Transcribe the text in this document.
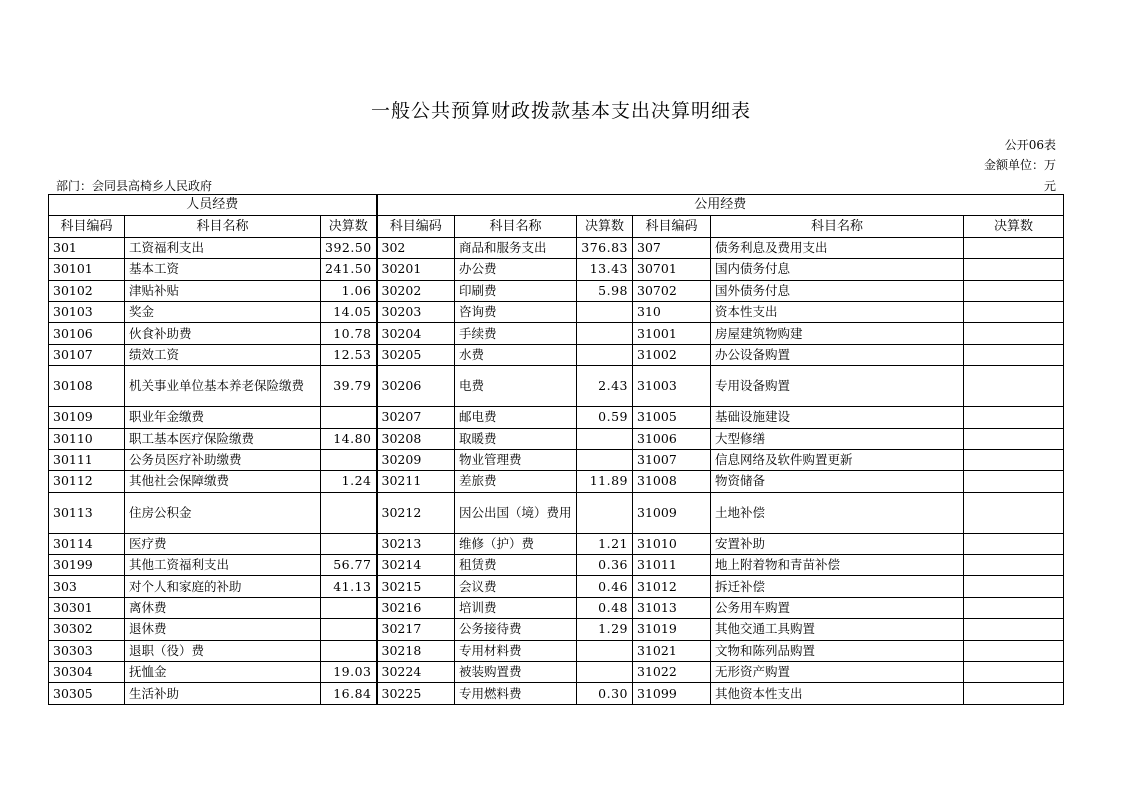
一般公共预算财政拨款基本支出决算明细表
公开06表
金额单位：万
元
部门：会同县高椅乡人民政府
人员经费			公用经费					
科目编码	科目名称	决算数	科目编码	科目名称	决算数	科目编码	科目名称	决算数
301	工资福利支出	392.50	302	商品和服务支出	376.83	307	债务利息及费用支出	
30101	基本工资	241.50	30201	办公费	13.43	30701	国内债务付息	
30102	津贴补贴	1.06	30202	印刷费	5.98	30702	国外债务付息	
30103	奖金	14.05	30203	咨询费		310	资本性支出	
30106	伙食补助费	10.78	30204	手续费		31001	房屋建筑物购建	
30107	绩效工资	12.53	30205	水费		31002	办公设备购置	
30108	机关事业单位基本养老保险缴费	39.79	30206	电费	2.43	31003	专用设备购置	
30109	职业年金缴费		30207	邮电费	0.59	31005	基础设施建设	
30110	职工基本医疗保险缴费	14.80	30208	取暖费		31006	大型修缮	
30111	公务员医疗补助缴费		30209	物业管理费		31007	信息网络及软件购置更新	
30112	其他社会保障缴费	1.24	30211	差旅费	11.89	31008	物资储备	
30113	住房公积金		30212	因公出国（境）费用		31009	土地补偿	
30114	医疗费		30213	维修（护）费	1.21	31010	安置补助	
30199	其他工资福利支出	56.77	30214	租赁费	0.36	31011	地上附着物和青苗补偿	
303	对个人和家庭的补助	41.13	30215	会议费	0.46	31012	拆迁补偿	
30301	离休费		30216	培训费	0.48	31013	公务用车购置	
30302	退休费		30217	公务接待费	1.29	31019	其他交通工具购置	
30303	退职（役）费		30218	专用材料费		31021	文物和陈列品购置	
30304	抚恤金	19.03	30224	被装购置费		31022	无形资产购置	
30305	生活补助	16.84	30225	专用燃料费	0.30	31099	其他资本性支出	
